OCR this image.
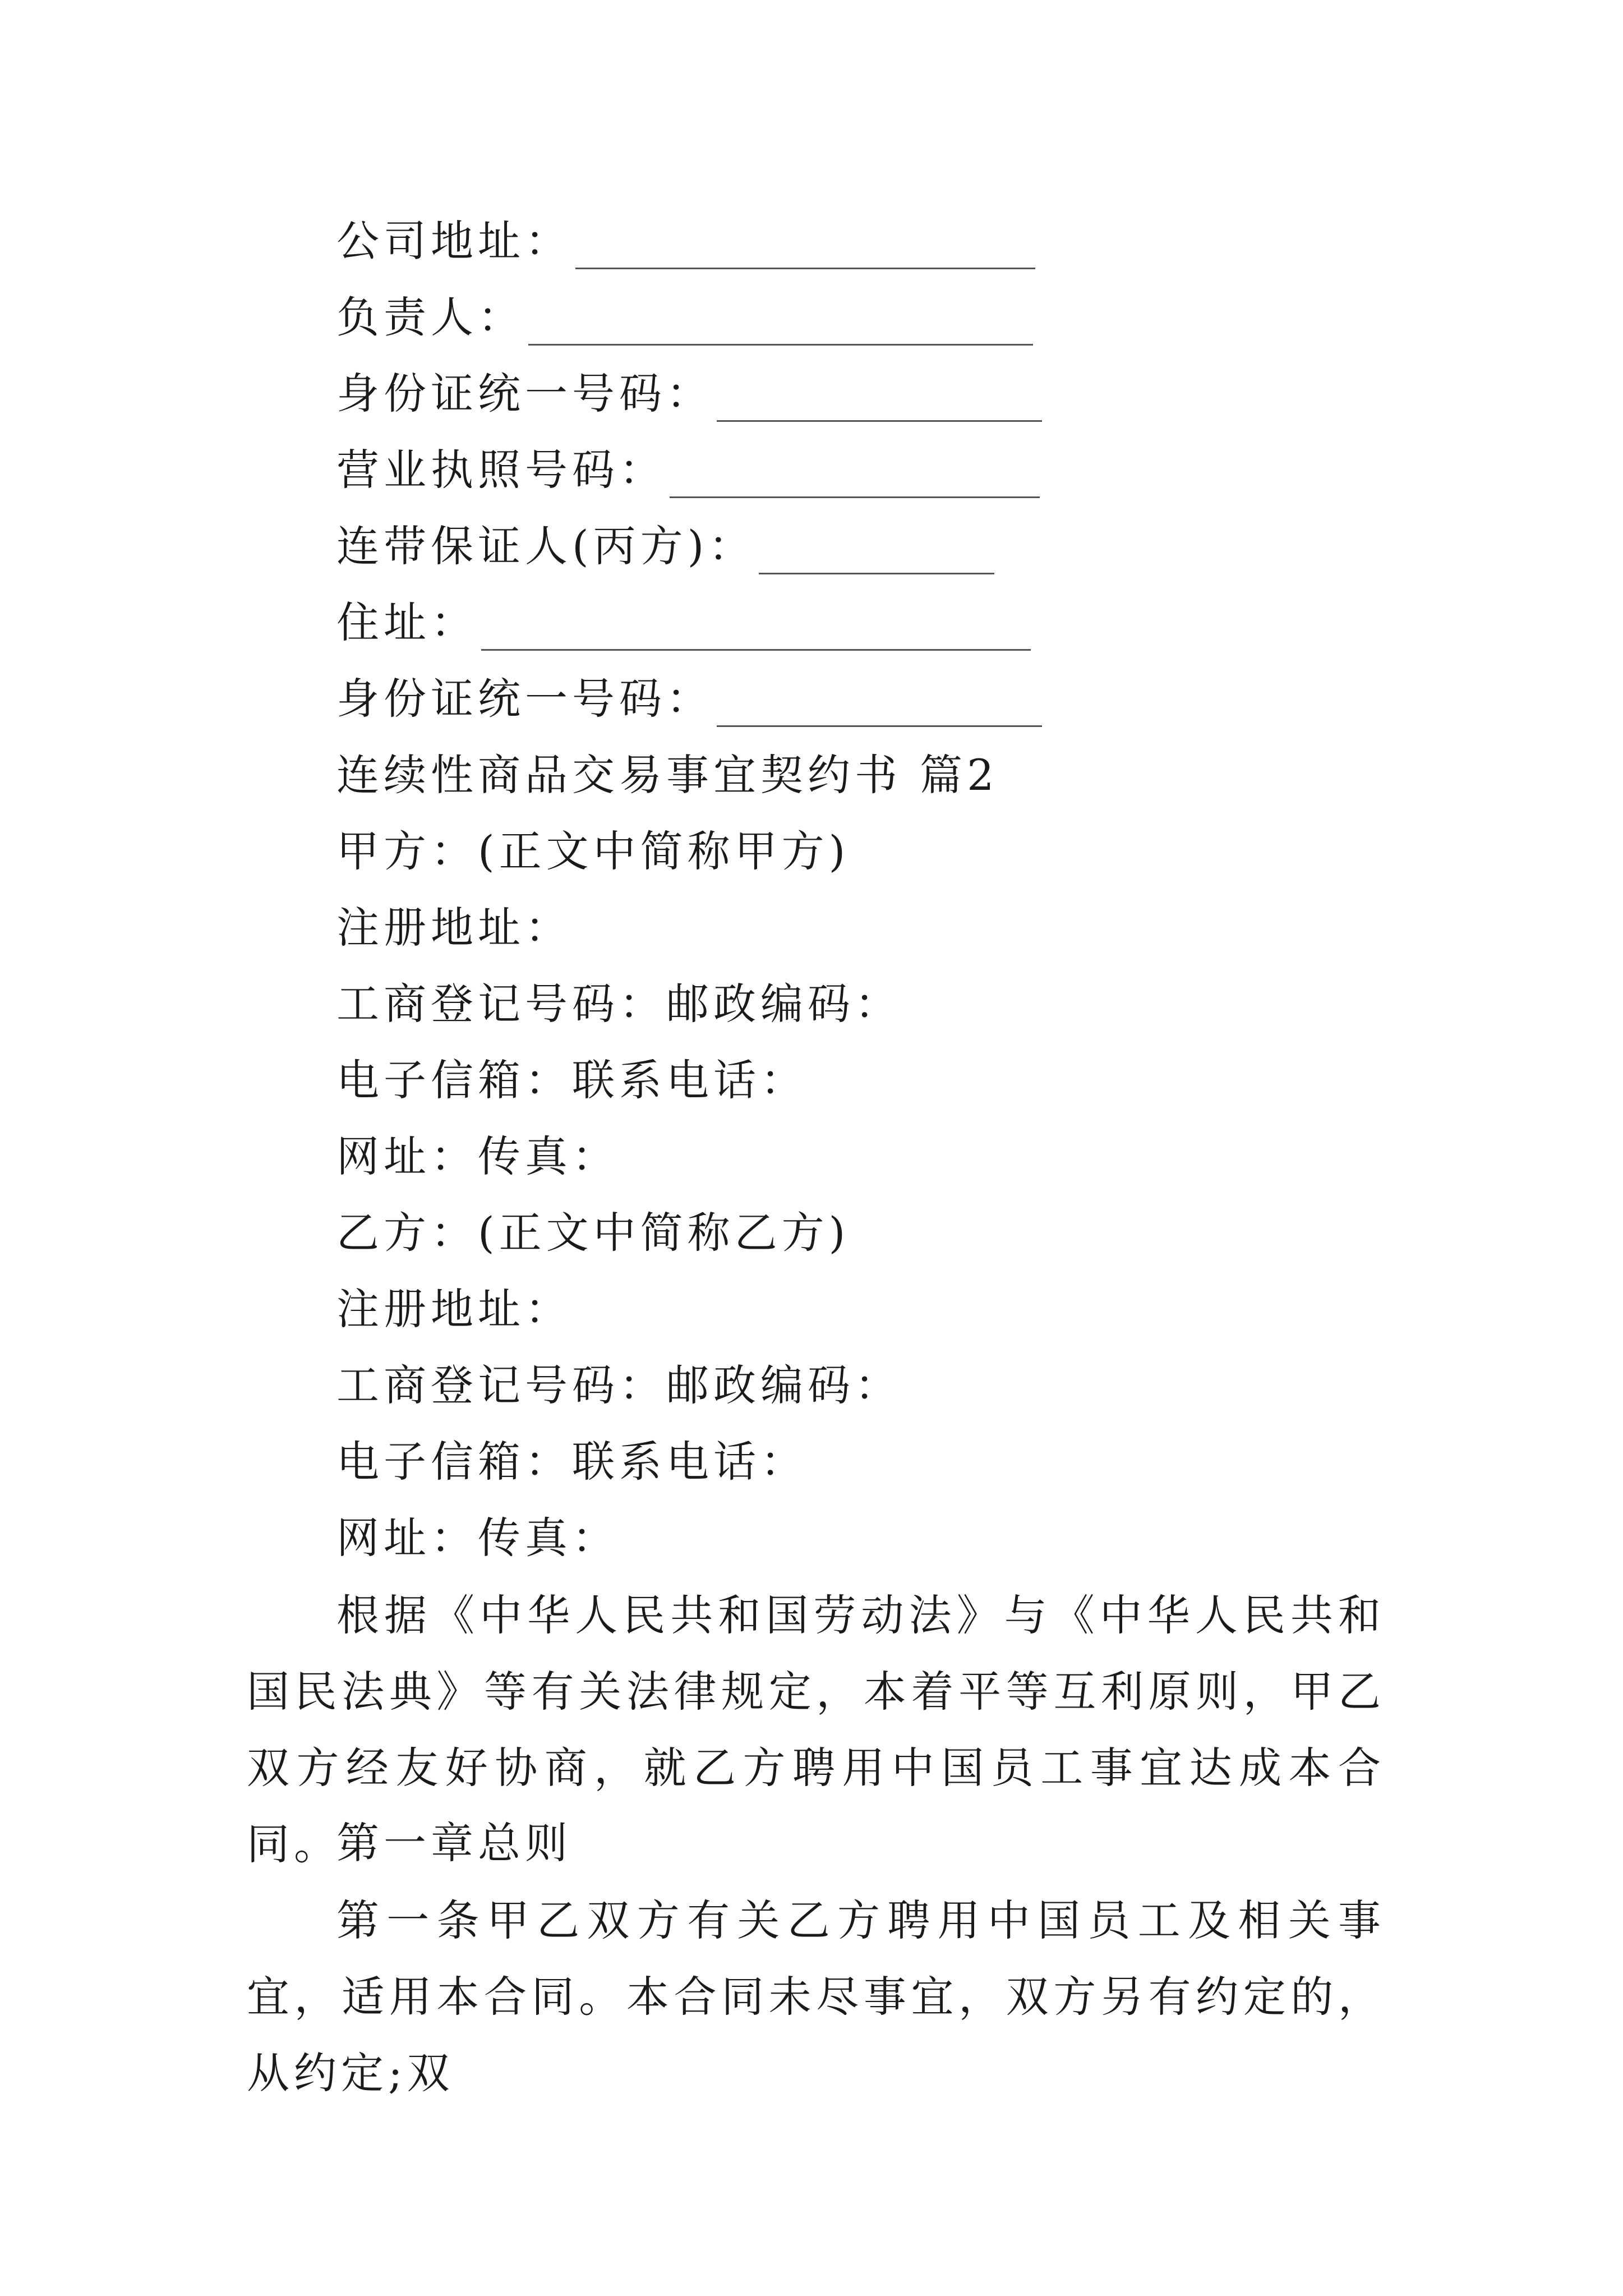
公司地址：
负责人：
身份证统一号码：
营业执照号码：
连带保证人(丙方)：
住址：
身份证统一号码：
连续性商品交易事宜契约书 篇2
甲方：(正文中简称甲方)
注册地址：
工商登记号码：邮政编码：
电子信箱：联系电话：
网址：传真：
乙方：(正文中简称乙方)
注册地址：
工商登记号码：邮政编码：
电子信箱：联系电话：
网址：传真：
根据《中华人民共和国劳动法》与《中华人民共和国民法典》等有关法律规定，本着平等互利原则，甲乙双方经友好协商，就乙方聘用中国员工事宜达成本合同。
第一章总则
第一条甲乙双方有关乙方聘用中国员工及相关事宜，适用本合同。本合同未尽事宜，双方另有约定的，从约定;双
